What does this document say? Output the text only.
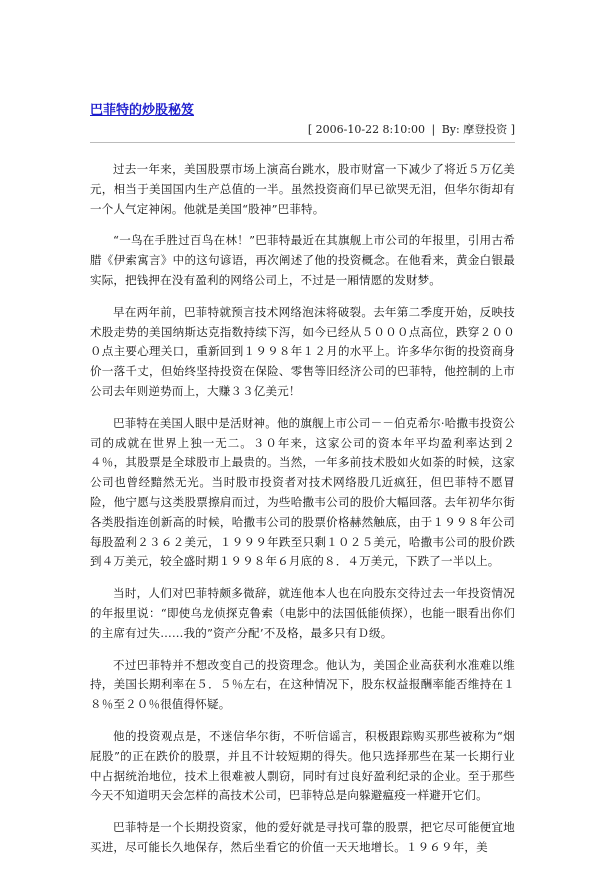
巴菲特的炒股秘笈
[ 2006-10-22 8:10:00 | By: 摩登投资 ]

过去一年来，美国股票市场上演高台跳水，股市财富一下减少了将近５万亿美元，相当于美国国内生产总值的一半。虽然投资商们早已欲哭无泪，但华尔街却有一个人气定神闲。他就是美国“股神”巴菲特。

“一鸟在手胜过百鸟在林！”巴菲特最近在其旗舰上市公司的年报里，引用古希腊《伊索寓言》中的这句谚语，再次阐述了他的投资概念。在他看来，黄金白银最实际，把钱押在没有盈利的网络公司上，不过是一厢情愿的发财梦。

早在两年前，巴菲特就预言技术网络泡沫将破裂。去年第二季度开始，反映技术股走势的美国纳斯达克指数持续下泻，如今已经从５０００点高位，跌穿２０００点主要心理关口，重新回到１９９８年１２月的水平上。许多华尔街的投资商身价一落千丈，但始终坚持投资在保险、零售等旧经济公司的巴菲特，他控制的上市公司去年则逆势而上，大赚３３亿美元！

巴菲特在美国人眼中是活财神。他的旗舰上市公司－－伯克希尔·哈撒韦投资公司的成就在世界上独一无二。３０年来，这家公司的资本年平均盈利率达到２４％，其股票是全球股市上最贵的。当然，一年多前技术股如火如荼的时候，这家公司也曾经黯然无光。当时股市投资者对技术网络股几近疯狂，但巴菲特不愿冒险，他宁愿与这类股票擦肩而过，为些哈撒韦公司的股价大幅回落。去年初华尔街各类股指连创新高的时候，哈撒韦公司的股票价格赫然触底，由于１９９８年公司每股盈利２３６２美元，１９９９年跌至只剩１０２５美元，哈撒韦公司的股价跌到４万美元，较全盛时期１９９８年６月底的８．４万美元，下跌了一半以上。

当时，人们对巴菲特颇多微辞，就连他本人也在向股东交待过去一年投资情况的年报里说：“即使乌龙侦探克鲁索（电影中的法国低能侦探），也能一眼看出你们的主席有过失……我的”资产分配’不及格，最多只有Ｄ级。

不过巴菲特并不想改变自己的投资理念。他认为，美国企业高获利水准难以维持，美国长期利率在５．５％左右，在这种情况下，股东权益报酬率能否维持在１８％至２０％很值得怀疑。

他的投资观点是，不迷信华尔街，不听信谣言，积极跟踪购买那些被称为“烟屁股”的正在跌价的股票，并且不计较短期的得失。他只选择那些在某一长期行业中占据统治地位，技术上很难被人剽窃，同时有过良好盈利纪录的企业。至于那些今天不知道明天会怎样的高技术公司，巴菲特总是向躲避瘟疫一样避开它们。

巴菲特是一个长期投资家，他的爱好就是寻找可靠的股票，把它尽可能便宜地买进，尽可能长久地保存，然后坐看它的价值一天天地增长。１９６９年，美
